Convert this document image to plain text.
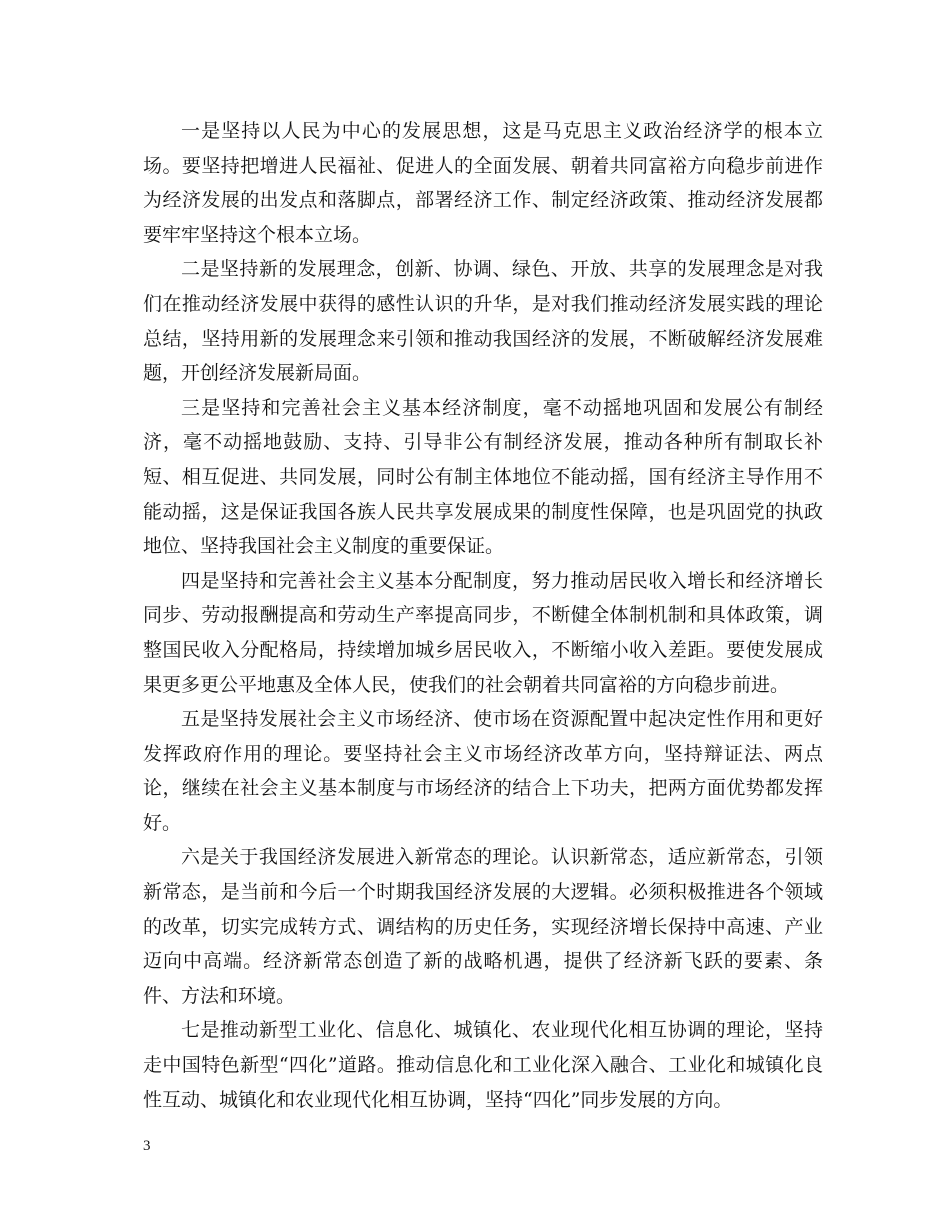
一是坚持以人民为中心的发展思想，这是马克思主义政治经济学的根本立场。要坚持把增进人民福祉、促进人的全面发展、朝着共同富裕方向稳步前进作为经济发展的出发点和落脚点，部署经济工作、制定经济政策、推动经济发展都要牢牢坚持这个根本立场。

二是坚持新的发展理念，创新、协调、绿色、开放、共享的发展理念是对我们在推动经济发展中获得的感性认识的升华，是对我们推动经济发展实践的理论总结，坚持用新的发展理念来引领和推动我国经济的发展，不断破解经济发展难题，开创经济发展新局面。

三是坚持和完善社会主义基本经济制度，毫不动摇地巩固和发展公有制经济，毫不动摇地鼓励、支持、引导非公有制经济发展，推动各种所有制取长补短、相互促进、共同发展，同时公有制主体地位不能动摇，国有经济主导作用不能动摇，这是保证我国各族人民共享发展成果的制度性保障，也是巩固党的执政地位、坚持我国社会主义制度的重要保证。

四是坚持和完善社会主义基本分配制度，努力推动居民收入增长和经济增长同步、劳动报酬提高和劳动生产率提高同步，不断健全体制机制和具体政策，调整国民收入分配格局，持续增加城乡居民收入，不断缩小收入差距。要使发展成果更多更公平地惠及全体人民，使我们的社会朝着共同富裕的方向稳步前进。

五是坚持发展社会主义市场经济、使市场在资源配置中起决定性作用和更好发挥政府作用的理论。要坚持社会主义市场经济改革方向，坚持辩证法、两点论，继续在社会主义基本制度与市场经济的结合上下功夫，把两方面优势都发挥好。

六是关于我国经济发展进入新常态的理论。认识新常态，适应新常态，引领新常态，是当前和今后一个时期我国经济发展的大逻辑。必须积极推进各个领域的改革，切实完成转方式、调结构的历史任务，实现经济增长保持中高速、产业迈向中高端。经济新常态创造了新的战略机遇，提供了经济新飞跃的要素、条件、方法和环境。

七是推动新型工业化、信息化、城镇化、农业现代化相互协调的理论，坚持走中国特色新型“四化”道路。推动信息化和工业化深入融合、工业化和城镇化良性互动、城镇化和农业现代化相互协调，坚持“四化”同步发展的方向。

3
